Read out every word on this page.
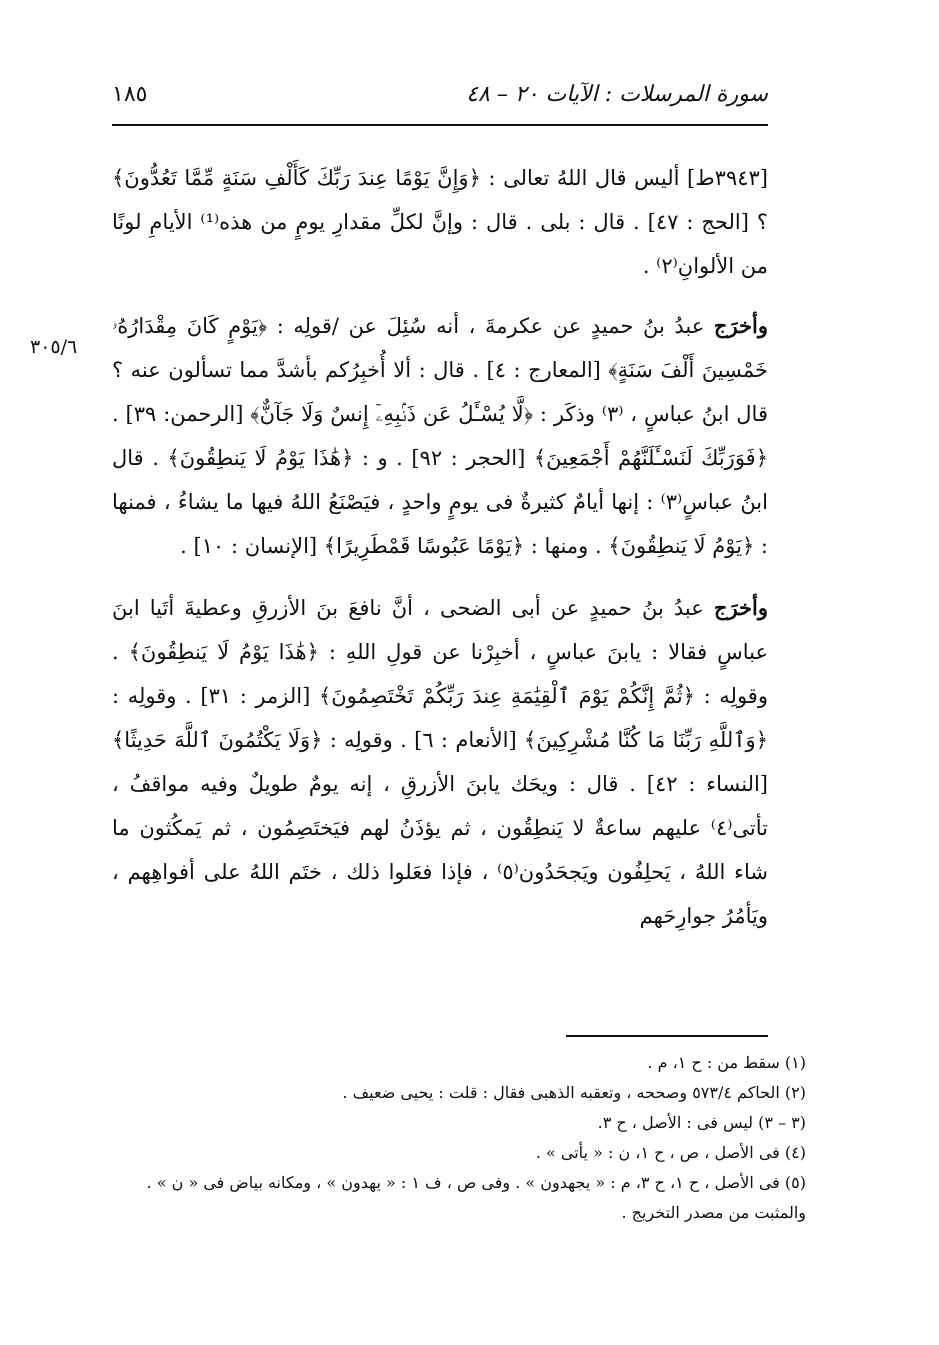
١٨٥	سورة المرسلات : الآيات ٢٠ – ٤٨
٣٠٥/٦

[٣٩٤٣ط] أليس قال اللهُ تعالى : ﴿وَإِنَّ يَوْمًا عِندَ رَبِّكَ كَأَلْفِ سَنَةٍ مِّمَّا تَعُدُّونَ﴾ ؟ [الحج : ٤٧] . قال : بلى . قال : وإنَّ لكلِّ مقدارِ يومٍ من هذه⁽¹⁾ الأيامِ لونًا من الألوانِ⁽٢⁾ .

وأخرَج عبدُ بنُ حميدٍ عن عكرمةَ ، أنه سُئِلَ عن /قولِه : ﴿يَوْمٍ كَانَ مِقْدَارُهُۥ خَمْسِينَ أَلْفَ سَنَةٍ﴾ [المعارج : ٤] . قال : ألا أُخبِرُكم بأشدَّ مما تسألون عنه ؟ قال ابنُ عباسٍ ، ⁽٣⁾ وذكَر : ﴿لَّا يُسْـَٔلُ عَن ذَنۢبِهِۦٓ إِنسٌ وَلَا جَآنٌّ﴾ [الرحمن: ٣٩] . ﴿فَوَرَبِّكَ لَنَسْـَٔلَنَّهُمْ أَجْمَعِينَ﴾ [الحجر : ٩٢] . و : ﴿هَٰذَا يَوْمُ لَا يَنطِقُونَ﴾ . قال ابنُ عباسٍ⁽٣⁾ : إنها أيامٌ كثيرةٌ فى يومٍ واحدٍ ، فيَصْنَعُ اللهُ فيها ما يشاءُ ، فمنها : ﴿يَوْمُ لَا يَنطِقُونَ﴾ . ومنها : ﴿يَوْمًا عَبُوسًا قَمْطَرِيرًا﴾ [الإنسان : ١٠] .

وأخرَج عبدُ بنُ حميدٍ عن أبى الضحى ، أنَّ نافعَ بنَ الأزرقِ وعطيةَ أتَيا ابنَ عباسٍ فقالا : يابنَ عباسٍ ، أخبِرْنا عن قولِ اللهِ : ﴿هَٰذَا يَوْمُ لَا يَنطِقُونَ﴾ . وقولِه : ﴿ثُمَّ إِنَّكُمْ يَوْمَ ٱلْقِيَٰمَةِ عِندَ رَبِّكُمْ تَخْتَصِمُونَ﴾ [الزمر : ٣١] . وقولِه : ﴿وَٱللَّهِ رَبِّنَا مَا كُنَّا مُشْرِكِينَ﴾ [الأنعام : ٦] . وقولِه : ﴿وَلَا يَكْتُمُونَ ٱللَّهَ حَدِيثًا﴾ [النساء : ٤٢] . قال : ويحَك يابنَ الأزرقِ ، إنه يومٌ طويلٌ وفيه مواقفُ ، تأتى⁽٤⁾ عليهم ساعةٌ لا يَنطِقُون ، ثم يؤذَنُ لهم فيَختَصِمُون ، ثم يَمكُثون ما شاء اللهُ ، يَحلِفُون ويَجحَدُون⁽٥⁾ ، فإذا فعَلوا ذلك ، ختَم اللهُ على أفواهِهم ، ويَأمُرُ جوارِحَهم

(١) سقط من : ح ١، م .

(٢) الحاكم ٥٧٣/٤ وصححه ، وتعقبه الذهبى فقال : قلت : يحيى ضعيف .

(٣ – ٣) ليس فى : الأصل ، ح ٣.

(٤) فى الأصل ، ص ، ح ١، ن : « يأتى » .

(٥) فى الأصل ، ح ١، ح ٣، م : « يجهدون » . وفى ص ، ف ١ : « يهدون » ، ومكانه بياض فى « ن » . والمثبت من مصدر التخريج .
